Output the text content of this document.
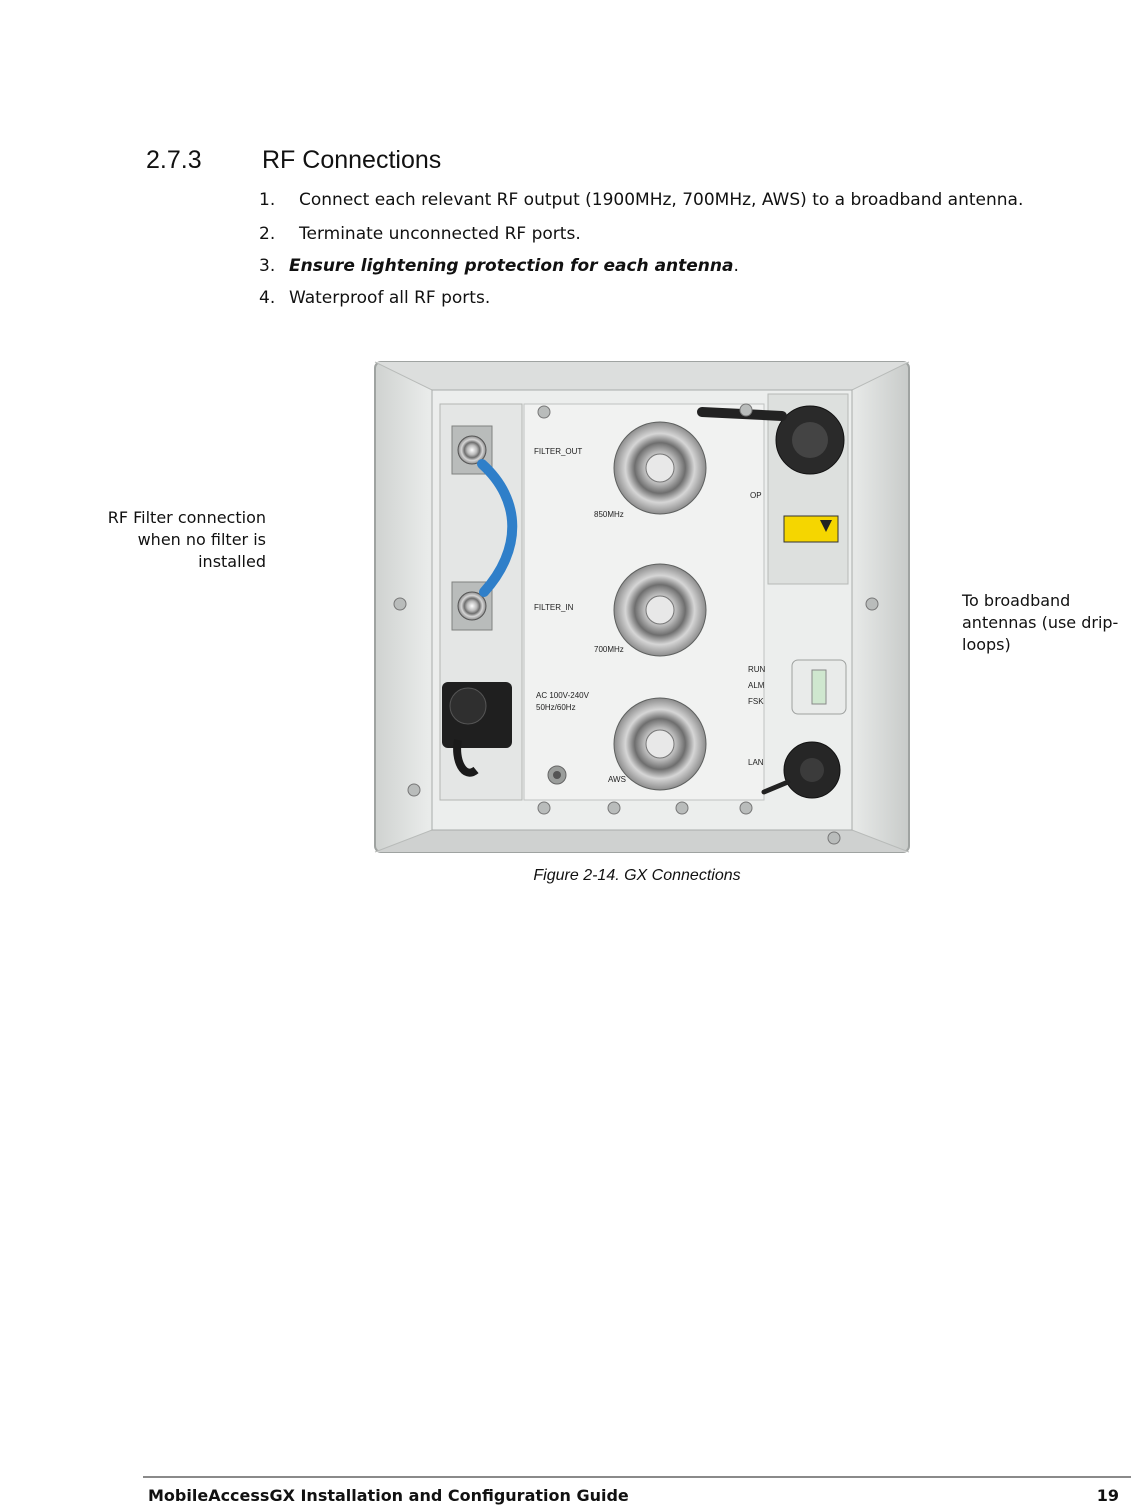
2.7.3 RF Connections
1. Connect each relevant RF output (1900MHz, 700MHz, AWS) to a broadband antenna.
2. Terminate unconnected RF ports.
3. Ensure lightening protection for each antenna.
4. Waterproof all RF ports.
RF Filter connection
when no filter is
installed
To broadband
antennas (use drip-
loops)
FILTER_OUT
850MHz
FILTER_IN
700MHz
AC 100V-240V
50Hz/60Hz
AWS
OP
RUN
ALM
FSK
LAN
Figure 2-14. GX Connections
MobileAccessGX Installation and Configuration Guide	19
